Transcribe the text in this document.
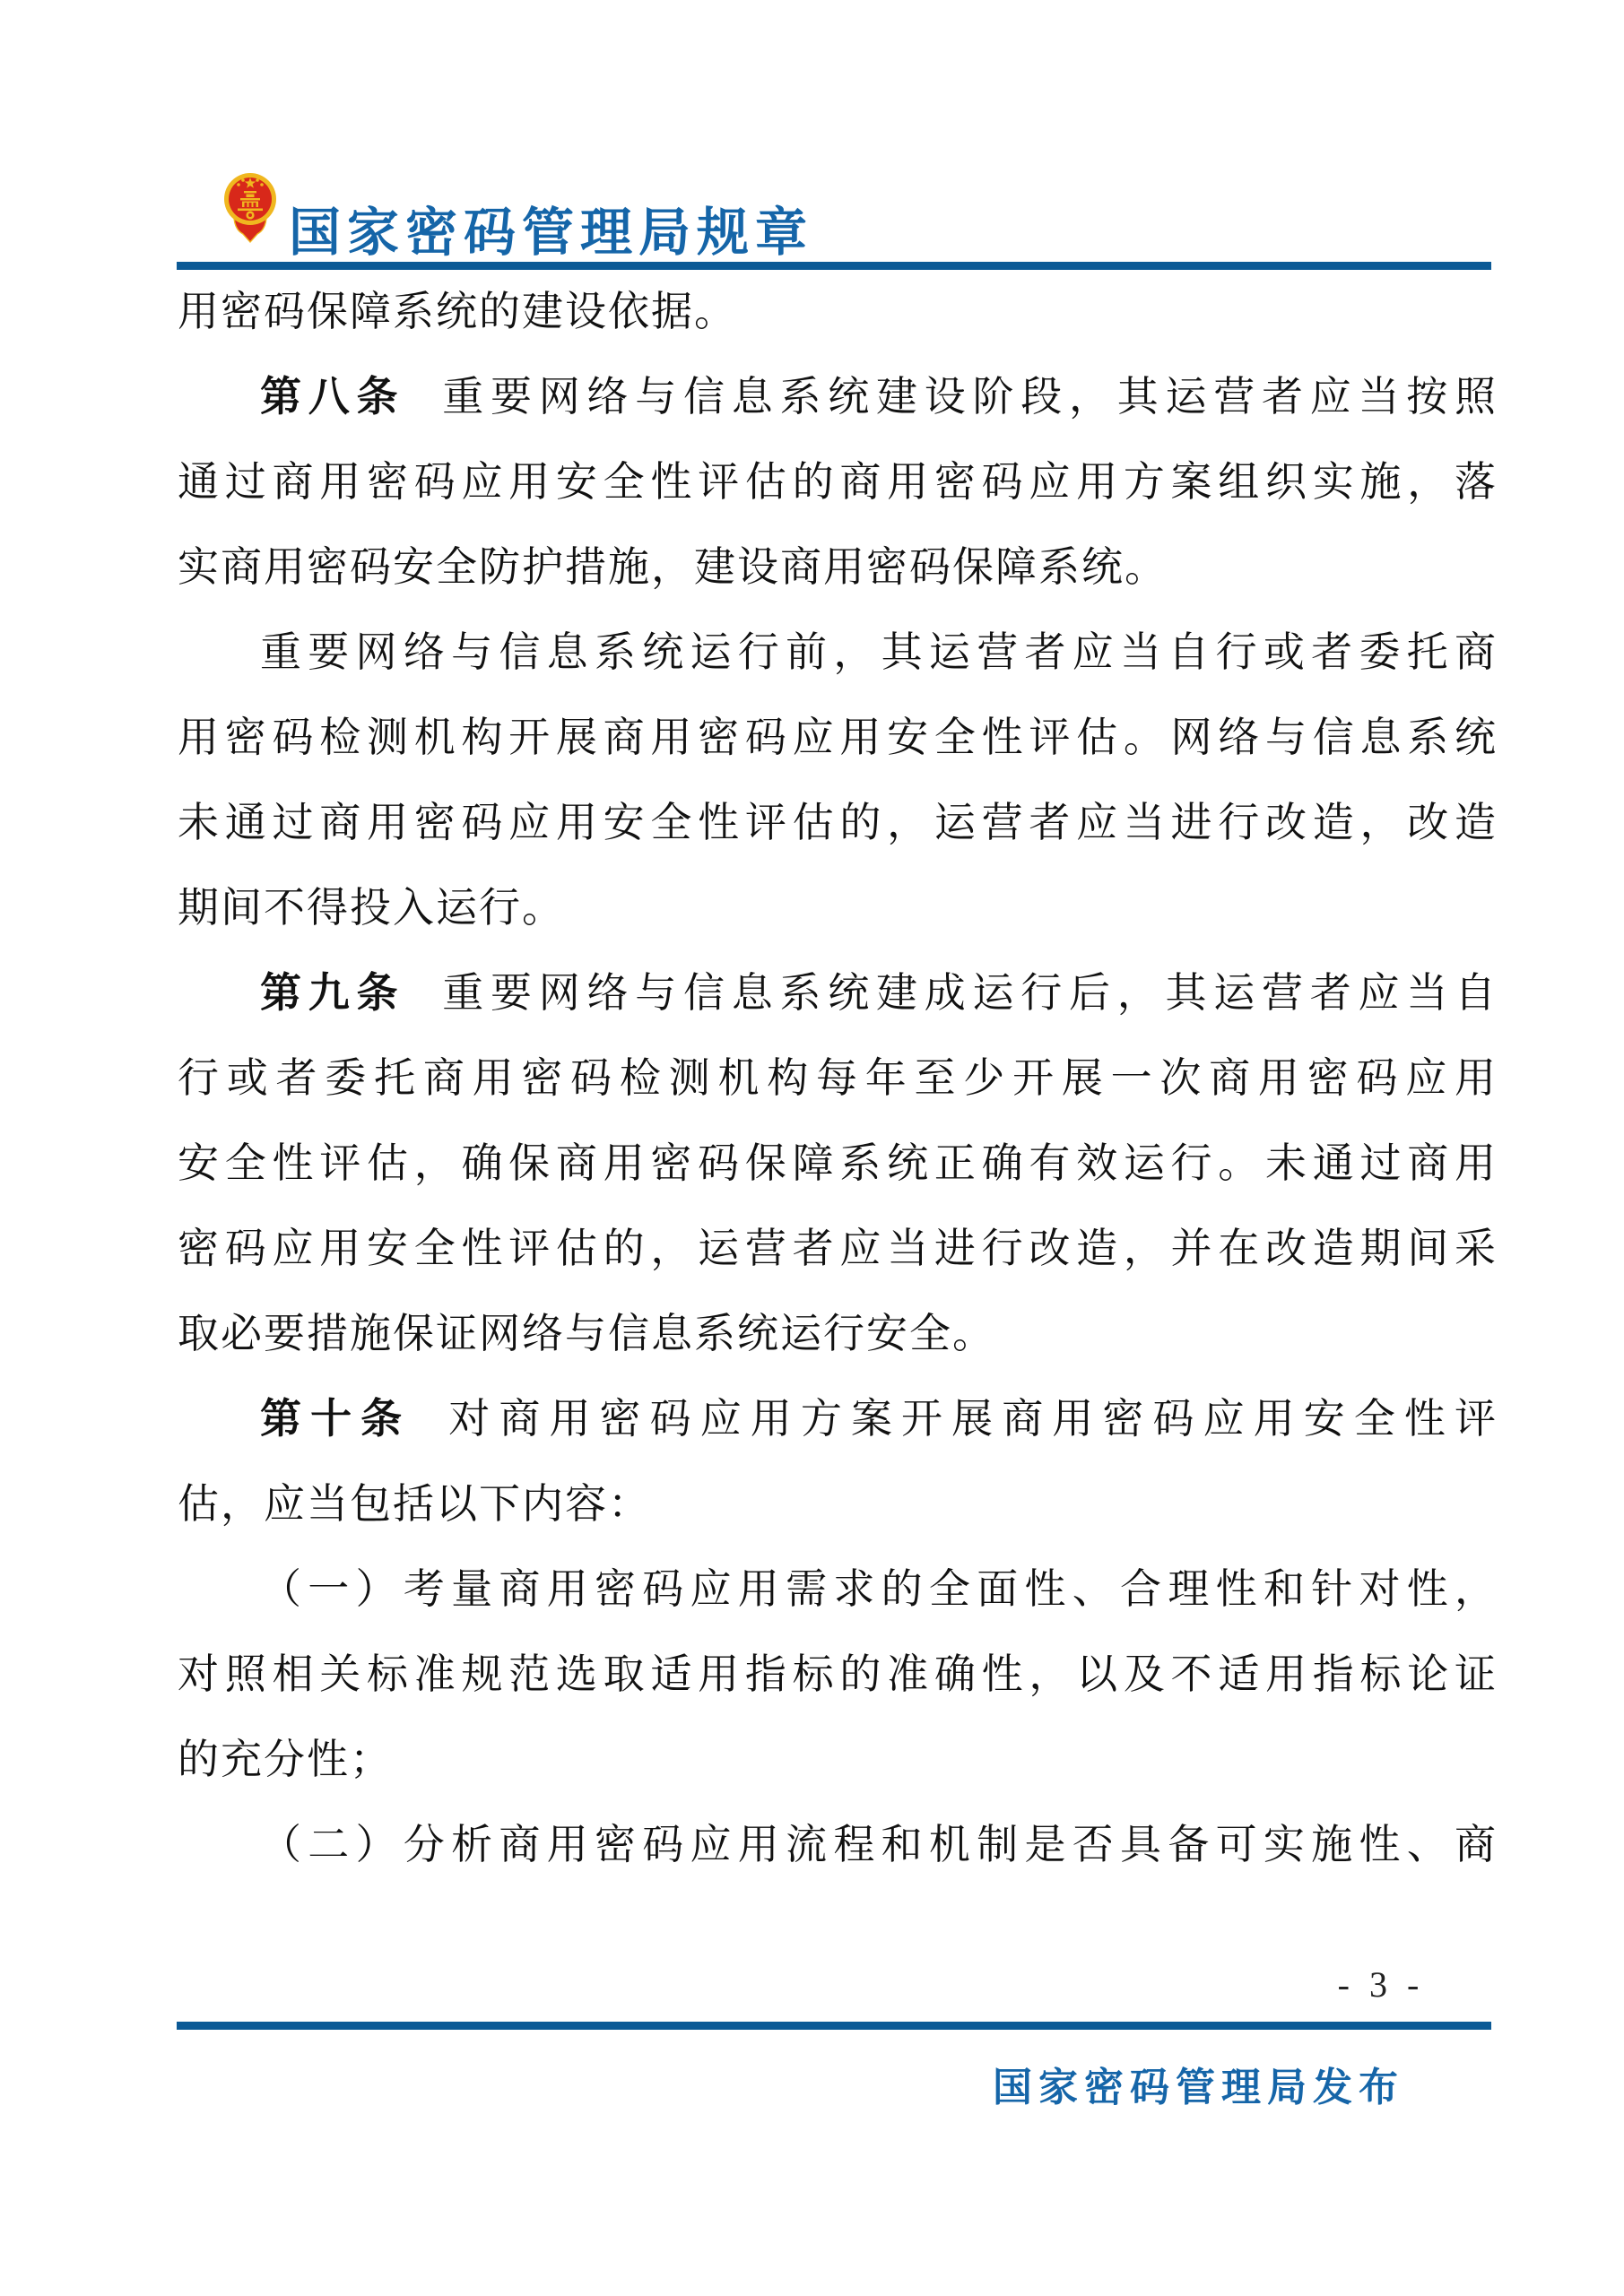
国家密码管理局规章
用密码保障系统的建设依据。
第八条 重要网络与信息系统建设阶段，其运营者应当按照
通过商用密码应用安全性评估的商用密码应用方案组织实施，落
实商用密码安全防护措施，建设商用密码保障系统。
重要网络与信息系统运行前，其运营者应当自行或者委托商
用密码检测机构开展商用密码应用安全性评估。网络与信息系统
未通过商用密码应用安全性评估的，运营者应当进行改造，改造
期间不得投入运行。
第九条 重要网络与信息系统建成运行后，其运营者应当自
行或者委托商用密码检测机构每年至少开展一次商用密码应用
安全性评估，确保商用密码保障系统正确有效运行。未通过商用
密码应用安全性评估的，运营者应当进行改造，并在改造期间采
取必要措施保证网络与信息系统运行安全。
第十条 对商用密码应用方案开展商用密码应用安全性评
估，应当包括以下内容：
（一）考量商用密码应用需求的全面性、合理性和针对性，
对照相关标准规范选取适用指标的准确性，以及不适用指标论证
的充分性；
（二）分析商用密码应用流程和机制是否具备可实施性、商
- 3 -
国家密码管理局发布
